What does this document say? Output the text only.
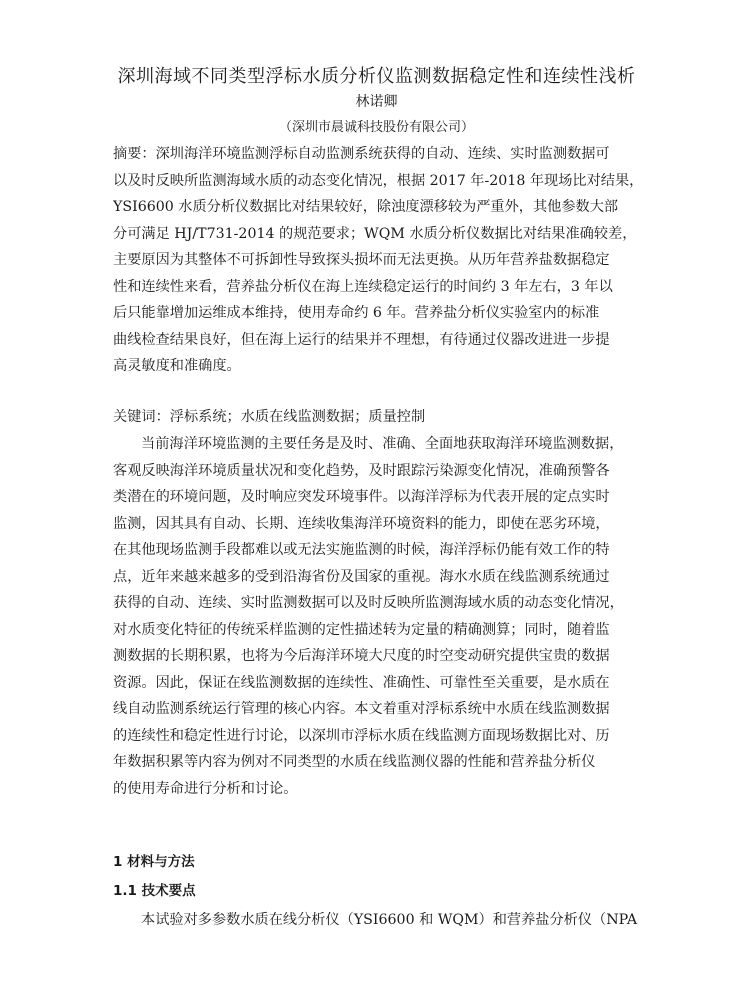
深圳海域不同类型浮标水质分析仪监测数据稳定性和连续性浅析
林诺卿
（深圳市晨诚科技股份有限公司）
摘要：深圳海洋环境监测浮标自动监测系统获得的自动、连续、实时监测数据可
以及时反映所监测海域水质的动态变化情况，根据 2017 年-2018 年现场比对结果，
YSI6600 水质分析仪数据比对结果较好，除浊度漂移较为严重外，其他参数大部
分可满足 HJ/T731-2014 的规范要求；WQM 水质分析仪数据比对结果准确较差，
主要原因为其整体不可拆卸性导致探头损坏而无法更换。从历年营养盐数据稳定
性和连续性来看，营养盐分析仪在海上连续稳定运行的时间约 3 年左右，3 年以
后只能靠增加运维成本维持，使用寿命约 6 年。营养盐分析仪实验室内的标准
曲线检查结果良好，但在海上运行的结果并不理想，有待通过仪器改进进一步提
高灵敏度和准确度。
关键词：浮标系统；水质在线监测数据；质量控制
当前海洋环境监测的主要任务是及时、准确、全面地获取海洋环境监测数据，
客观反映海洋环境质量状况和变化趋势，及时跟踪污染源变化情况，准确预警各
类潜在的环境问题，及时响应突发环境事件。以海洋浮标为代表开展的定点实时
监测，因其具有自动、长期、连续收集海洋环境资料的能力，即使在恶劣环境，
在其他现场监测手段都难以或无法实施监测的时候，海洋浮标仍能有效工作的特
点，近年来越来越多的受到沿海省份及国家的重视。海水水质在线监测系统通过
获得的自动、连续、实时监测数据可以及时反映所监测海域水质的动态变化情况，
对水质变化特征的传统采样监测的定性描述转为定量的精确测算；同时，随着监
测数据的长期积累，也将为今后海洋环境大尺度的时空变动研究提供宝贵的数据
资源。因此，保证在线监测数据的连续性、准确性、可靠性至关重要，是水质在
线自动监测系统运行管理的核心内容。本文着重对浮标系统中水质在线监测数据
的连续性和稳定性进行讨论，以深圳市浮标水质在线监测方面现场数据比对、历
年数据积累等内容为例对不同类型的水质在线监测仪器的性能和营养盐分析仪
的使用寿命进行分析和讨论。
1 材料与方法
1.1 技术要点
本试验对多参数水质在线分析仪（YSI6600 和 WQM）和营养盐分析仪（NPA
